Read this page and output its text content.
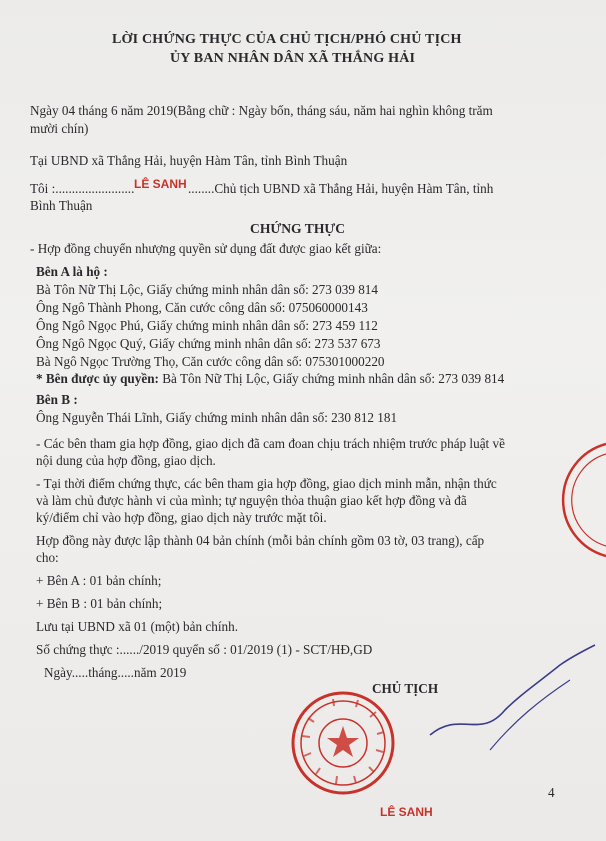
LỜI CHỨNG THỰC CỦA CHỦ TỊCH/PHÓ CHỦ TỊCH
ỦY BAN NHÂN DÂN XÃ THẮNG HẢI
Ngày 04 tháng 6 năm 2019(Bằng chữ : Ngày bốn, tháng sáu, năm hai nghìn không trăm
mười chín)
Tại UBND xã Thắng Hải, huyện Hàm Tân, tỉnh Bình Thuận
Tôi :........................ LÊ SANH ........Chủ tịch UBND xã Thắng Hải, huyện Hàm Tân, tỉnh
Bình Thuận
CHỨNG THỰC
- Hợp đồng chuyển nhượng quyền sử dụng đất được giao kết giữa:
Bên A là hộ :
Bà Tôn Nữ Thị Lộc, Giấy chứng minh nhân dân số: 273 039 814
Ông Ngô Thành Phong, Căn cước công dân số: 075060000143
Ông Ngô Ngọc Phú, Giấy chứng minh nhân dân số: 273 459 112
Ông Ngô Ngọc Quý, Giấy chứng minh nhân dân số: 273 537 673
Bà Ngô Ngọc Trường Thọ, Căn cước công dân số: 075301000220
* Bên được ủy quyền: Bà Tôn Nữ Thị Lộc, Giấy chứng minh nhân dân số: 273 039 814
Bên B :
Ông Nguyễn Thái Lĩnh, Giấy chứng minh nhân dân số: 230 812 181
- Các bên tham gia hợp đồng, giao dịch đã cam đoan chịu trách nhiệm trước pháp luật về
nội dung của hợp đồng, giao dịch.
- Tại thời điểm chứng thực, các bên tham gia hợp đồng, giao dịch minh mẫn, nhận thức
và làm chủ được hành vi của mình; tự nguyện thỏa thuận giao kết hợp đồng và đã
ký/điểm chỉ vào hợp đồng, giao dịch này trước mặt tôi.
Hợp đồng này được lập thành 04 bản chính (mỗi bản chính gồm 03 tờ, 03 trang), cấp
cho:
+ Bên A : 01 bản chính;
+ Bên B : 01 bản chính;
Lưu tại UBND xã 01 (một) bản chính.
Số chứng thực :....../2019 quyển số : 01/2019 (1) - SCT/HĐ,GD
Ngày.....tháng.....năm 2019
CHỦ TỊCH
LÊ SANH
4
